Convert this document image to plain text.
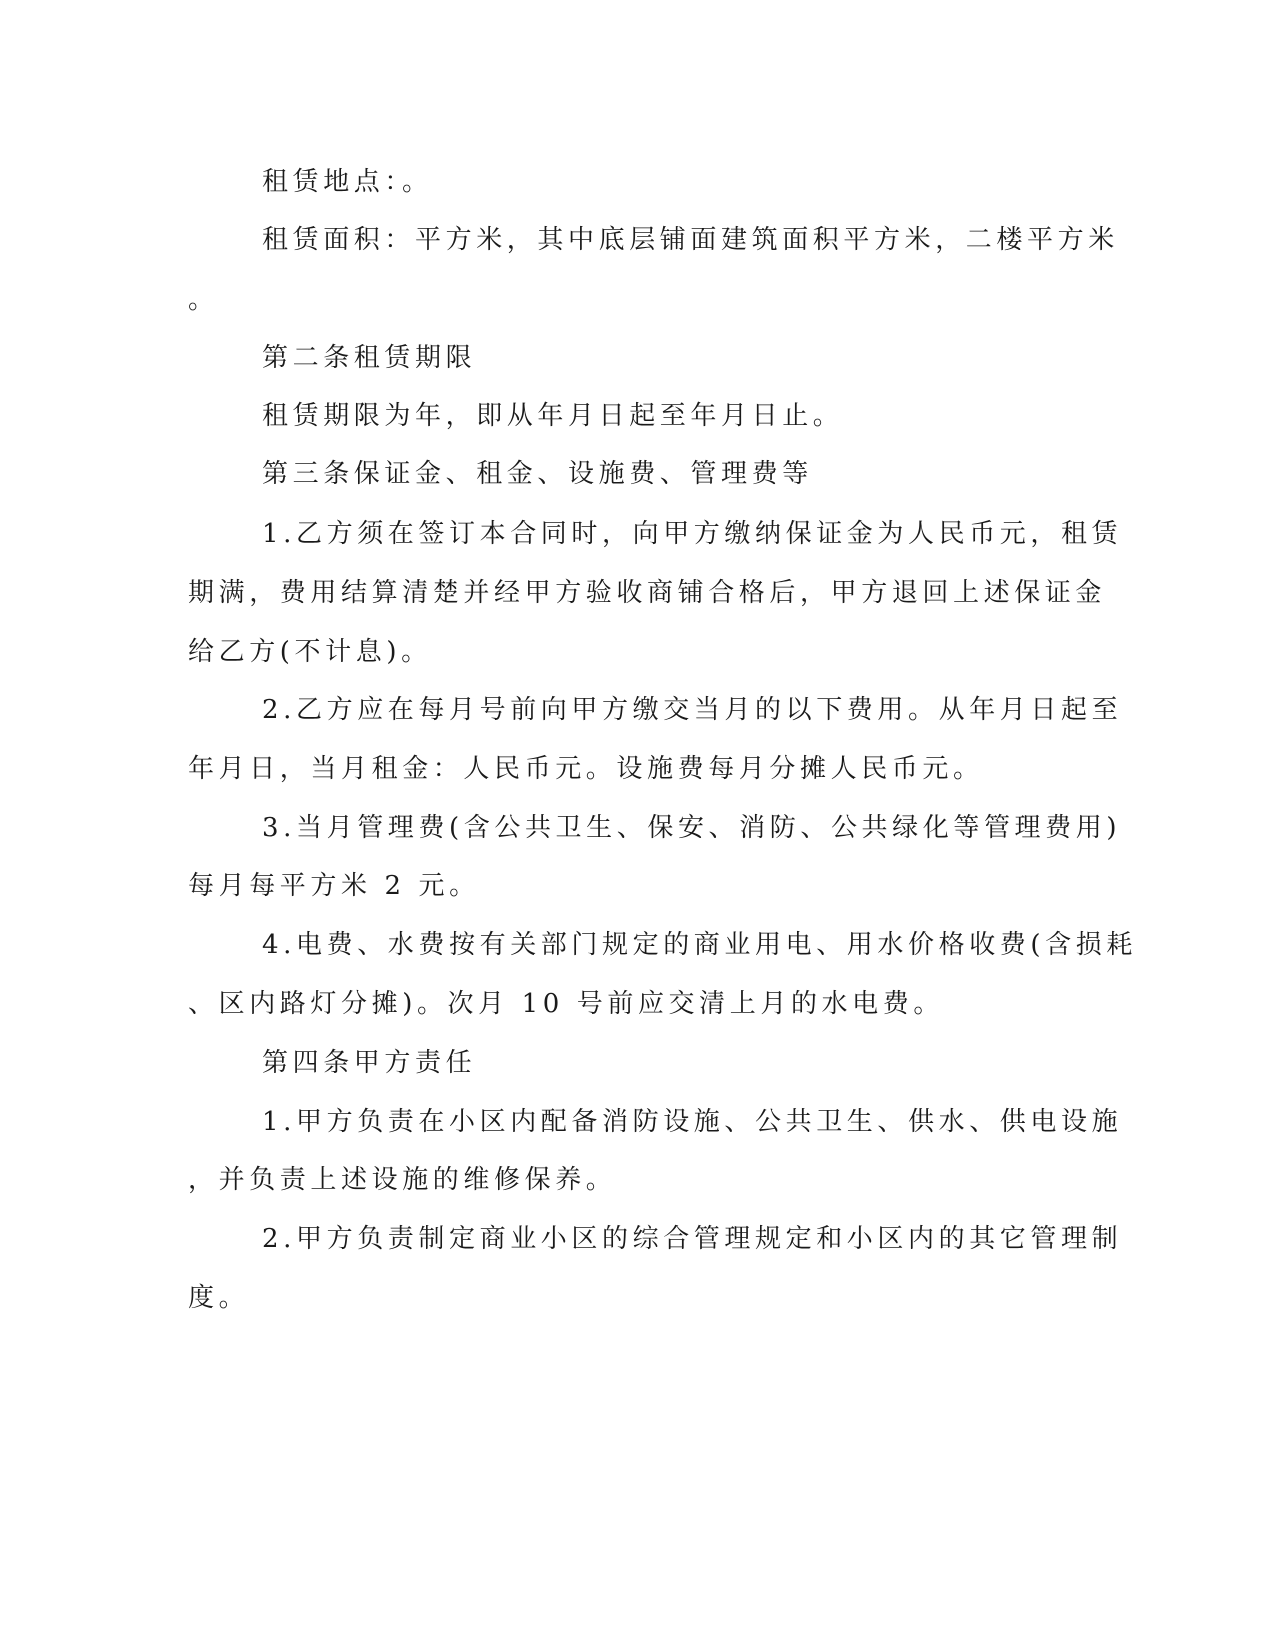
租赁地点：。

租赁面积：平方米，其中底层铺面建筑面积平方米，二楼平方米

。

第二条租赁期限

租赁期限为年，即从年月日起至年月日止。

第三条保证金、租金、设施费、管理费等

1.乙方须在签订本合同时，向甲方缴纳保证金为人民币元，租赁

期满，费用结算清楚并经甲方验收商铺合格后，甲方退回上述保证金

给乙方(不计息)。

2.乙方应在每月号前向甲方缴交当月的以下费用。从年月日起至

年月日，当月租金：人民币元。设施费每月分摊人民币元。

3.当月管理费(含公共卫生、保安、消防、公共绿化等管理费用)

每月每平方米 2 元。

4.电费、水费按有关部门规定的商业用电、用水价格收费(含损耗

、区内路灯分摊)。次月 10 号前应交清上月的水电费。

第四条甲方责任

1.甲方负责在小区内配备消防设施、公共卫生、供水、供电设施

，并负责上述设施的维修保养。

2.甲方负责制定商业小区的综合管理规定和小区内的其它管理制

度。
